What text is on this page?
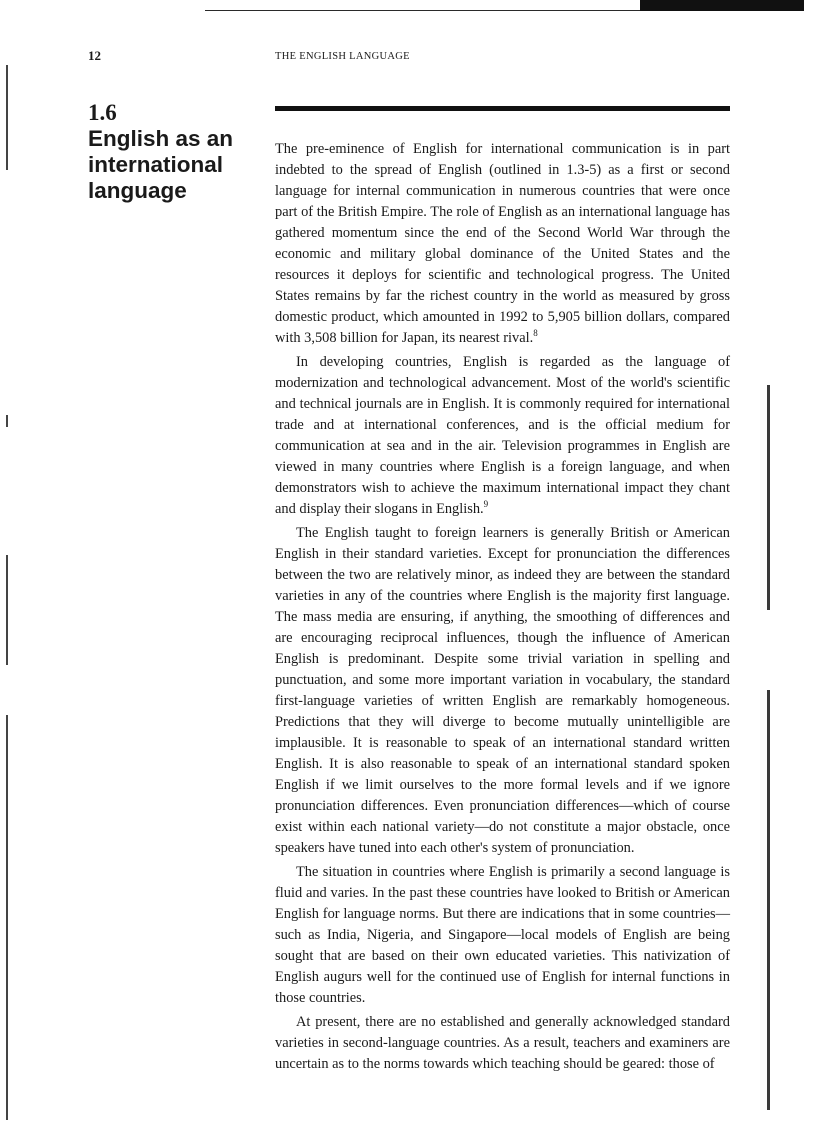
12	THE ENGLISH LANGUAGE
1.6
English as an
international
language

The pre-eminence of English for international communication is in part indebted to the spread of English (outlined in 1.3-5) as a first or second language for internal communication in numerous countries that were once part of the British Empire. The role of English as an international language has gathered momentum since the end of the Second World War through the economic and military global dominance of the United States and the resources it deploys for scientific and technological progress. The United States remains by far the richest country in the world as measured by gross domestic product, which amounted in 1992 to 5,905 billion dollars, compared with 3,508 billion for Japan, its nearest rival.$^8$

In developing countries, English is regarded as the language of modernization and technological advancement. Most of the world's scientific and technical journals are in English. It is commonly required for international trade and at international conferences, and is the official medium for communication at sea and in the air. Television programmes in English are viewed in many countries where English is a foreign language, and when demonstrators wish to achieve the maximum international impact they chant and display their slogans in English.$^9$

The English taught to foreign learners is generally British or American English in their standard varieties. Except for pronunciation the differences between the two are relatively minor, as indeed they are between the standard varieties in any of the countries where English is the majority first language. The mass media are ensuring, if anything, the smoothing of differences and are encouraging reciprocal influences, though the influence of American English is predominant. Despite some trivial variation in spelling and punctuation, and some more important variation in vocabulary, the standard first-language varieties of written English are remarkably homogeneous. Predictions that they will diverge to become mutually unintelligible are implausible. It is reasonable to speak of an international standard written English. It is also reasonable to speak of an international standard spoken English if we limit ourselves to the more formal levels and if we ignore pronunciation differences. Even pronunciation differences—which of course exist within each national variety—do not constitute a major obstacle, once speakers have tuned into each other's system of pronunciation.

The situation in countries where English is primarily a second language is fluid and varies. In the past these countries have looked to British or American English for language norms. But there are indications that in some countries—such as India, Nigeria, and Singapore—local models of English are being sought that are based on their own educated varieties. This nativization of English augurs well for the continued use of English for internal functions in those countries.

At present, there are no established and generally acknowledged standard varieties in second-language countries. As a result, teachers and examiners are uncertain as to the norms towards which teaching should be geared: those of
